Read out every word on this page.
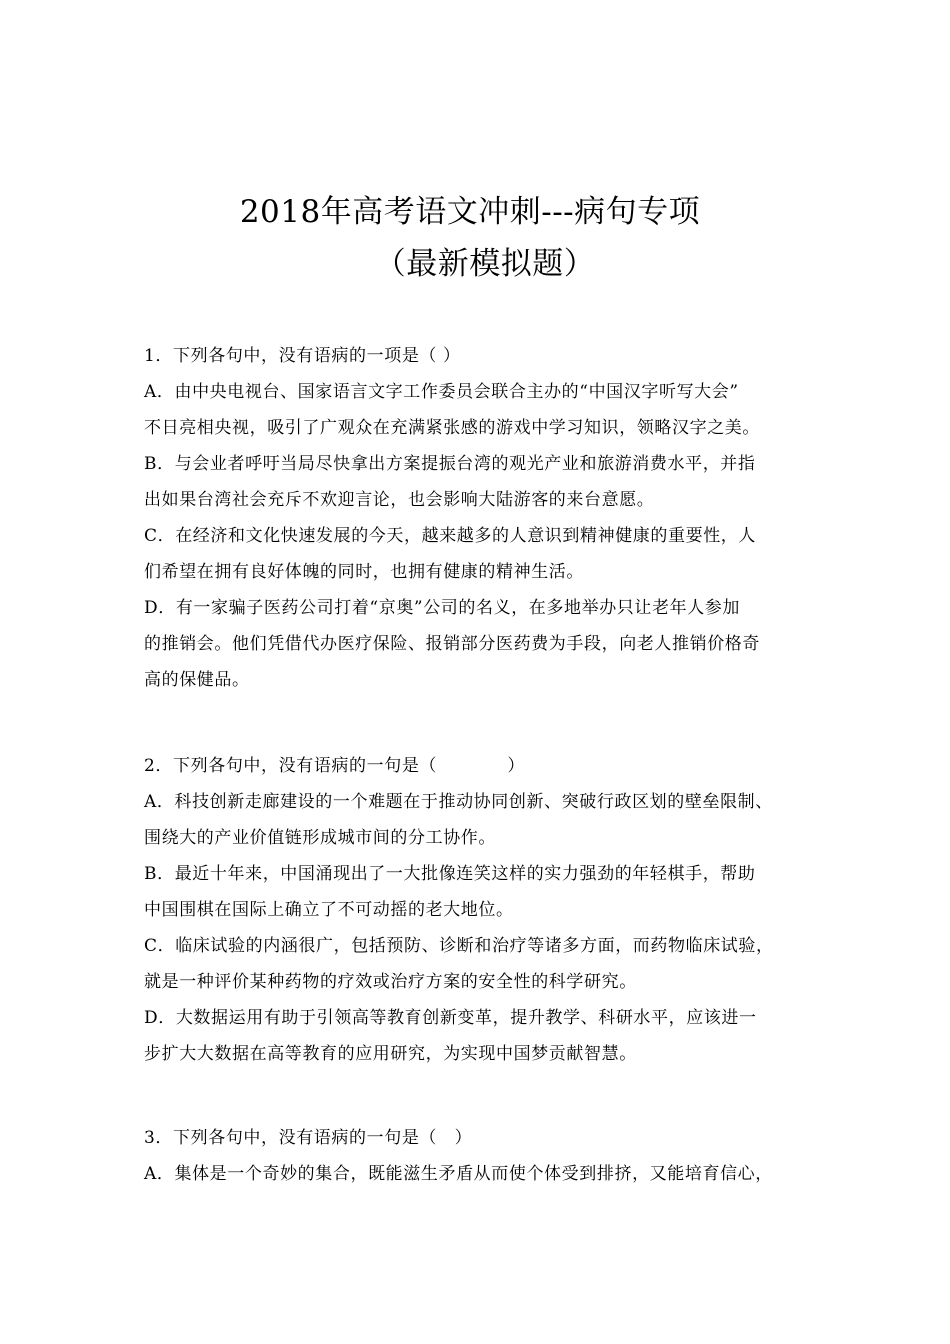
2018年高考语文冲刺---病句专项
（最新模拟题）
1．下列各句中，没有语病的一项是（ ）
A．由中央电视台、国家语言文字工作委员会联合主办的“中国汉字听写大会”
不日亮相央视，吸引了广观众在充满紧张感的游戏中学习知识，领略汉字之美。
B．与会业者呼吁当局尽快拿出方案提振台湾的观光产业和旅游消费水平，并指
出如果台湾社会充斥不欢迎言论，也会影响大陆游客的来台意愿。
C．在经济和文化快速发展的今天，越来越多的人意识到精神健康的重要性，人
们希望在拥有良好体魄的同时，也拥有健康的精神生活。
D．有一家骗子医药公司打着“京奥”公司的名义，在多地举办只让老年人参加
的推销会。他们凭借代办医疗保险、报销部分医药费为手段，向老人推销价格奇
高的保健品。
2．下列各句中，没有语病的一句是（　　　　）
A．科技创新走廊建设的一个难题在于推动协同创新、突破行政区划的壁垒限制、
围绕大的产业价值链形成城市间的分工协作。
B．最近十年来，中国涌现出了一大批像连笑这样的实力强劲的年轻棋手，帮助
中国围棋在国际上确立了不可动摇的老大地位。
C．临床试验的内涵很广，包括预防、诊断和治疗等诸多方面，而药物临床试验，
就是一种评价某种药物的疗效或治疗方案的安全性的科学研究。
D．大数据运用有助于引领高等教育创新变革，提升教学、科研水平，应该进一
步扩大大数据在高等教育的应用研究，为实现中国梦贡献智慧。
3．下列各句中，没有语病的一句是（　）
A．集体是一个奇妙的集合，既能滋生矛盾从而使个体受到排挤，又能培育信心，
